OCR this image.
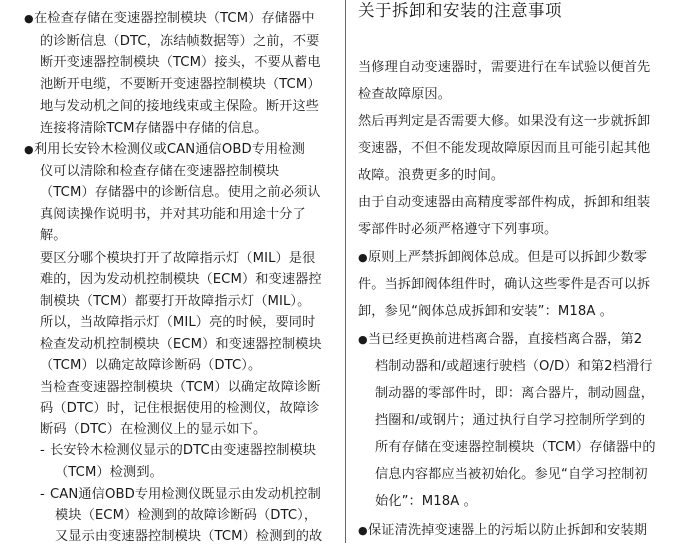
● 在检查存储在变速器控制模块（TCM）存储器中
的诊断信息（DTC，冻结帧数据等）之前，不要
断开变速器控制模块（TCM）接头，不要从蓄电
池断开电缆，不要断开变速器控制模块（TCM）
地与发动机之间的接地线束或主保险。断开这些
连接将清除TCM存储器中存储的信息。
● 利用长安铃木检测仪或CAN通信OBD专用检测
仪可以清除和检查存储在变速器控制模块
（TCM）存储器中的诊断信息。使用之前必须认
真阅读操作说明书，并对其功能和用途十分了
解。
要区分哪个模块打开了故障指示灯（MIL）是很
难的，因为发动机控制模块（ECM）和变速器控
制模块（TCM）都要打开故障指示灯（MIL）。
所以，当故障指示灯（MIL）亮的时候，要同时
检查发动机控制模块（ECM）和变速器控制模块
（TCM）以确定故障诊断码（DTC）。
当检查变速器控制模块（TCM）以确定故障诊断
码（DTC）时，记住根据使用的检测仪，故障诊
断码（DTC）在检测仪上的显示如下。
- 长安铃木检测仪显示的DTC由变速器控制模块
（TCM）检测到。
- CAN通信OBD专用检测仪既显示由发动机控制
模块（ECM）检测到的故障诊断码（DTC），
又显示由变速器控制模块（TCM）检测到的故
关于拆卸和安装的注意事项
当修理自动变速器时，需要进行在车试验以便首先
检查故障原因。
然后再判定是否需要大修。如果没有这一步就拆卸
变速器，不但不能发现故障原因而且可能引起其他
故障。浪费更多的时间。
由于自动变速器由高精度零部件构成，拆卸和组装
零部件时必须严格遵守下列事项。
● 原则上严禁拆卸阀体总成。但是可以拆卸少数零
件。当拆卸阀体组件时，确认这些零件是否可以拆
卸，参见“阀体总成拆卸和安装”：M18A 。
● 当已经更换前进档离合器，直接档离合器，第2
档制动器和/或超速行驶档（O/D）和第2档滑行
制动器的零部件时，即：离合器片，制动圆盘，
挡圈和/或钢片；通过执行自学习控制所学到的
所有存储在变速器控制模块（TCM）存储器中的
信息内容都应当被初始化。参见“自学习控制初
始化”：M18A 。
● 保证清洗掉变速器上的污垢以防止拆卸和安装期
